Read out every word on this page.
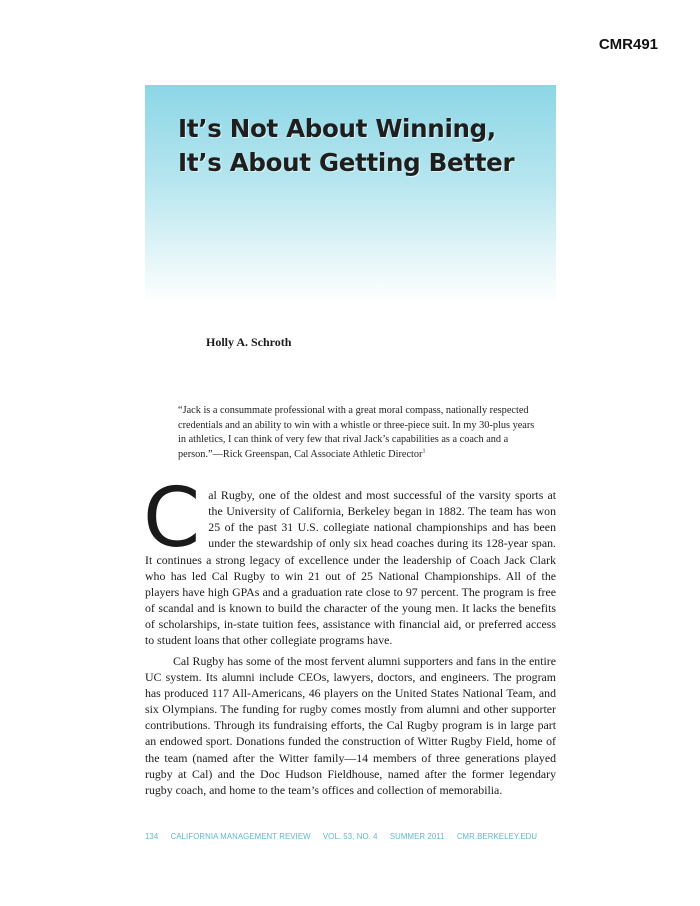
CMR491
It’s Not About Winning,
It’s About Getting Better
Holly A. Schroth

“Jack is a consummate professional with a great moral compass, nationally respected credentials and an ability to win with a whistle or three-piece suit. In my 30-plus years in athletics, I can think of very few that rival Jack’s capabilities as a coach and a person.”—Rick Greenspan, Cal Associate Athletic Director$^1$

Cal Rugby, one of the oldest and most successful of the varsity sports at the University of California, Berkeley began in 1882. The team has won 25 of the past 31 U.S. collegiate national championships and has been under the stewardship of only six head coaches during its 128-year span. It continues a strong legacy of excellence under the leadership of Coach Jack Clark who has led Cal Rugby to win 21 out of 25 National Championships. All of the players have high GPAs and a graduation rate close to 97 percent. The program is free of scandal and is known to build the character of the young men. It lacks the benefits of scholarships, in-state tuition fees, assistance with financial aid, or preferred access to student loans that other collegiate programs have.

Cal Rugby has some of the most fervent alumni supporters and fans in the entire UC system. Its alumni include CEOs, lawyers, doctors, and engineers. The program has produced 117 All-Americans, 46 players on the United States National Team, and six Olympians. The funding for rugby comes mostly from alumni and other supporter contributions. Through its fundraising efforts, the Cal Rugby program is in large part an endowed sport. Donations funded the construction of Witter Rugby Field, home of the team (named after the Witter family—14 members of three generations played rugby at Cal) and the Doc Hudson Fieldhouse, named after the former legendary rugby coach, and home to the team’s offices and collection of memorabilia.

134 CALIFORNIA MANAGEMENT REVIEW VOL. 53, NO. 4 SUMMER 2011 CMR.BERKELEY.EDU
